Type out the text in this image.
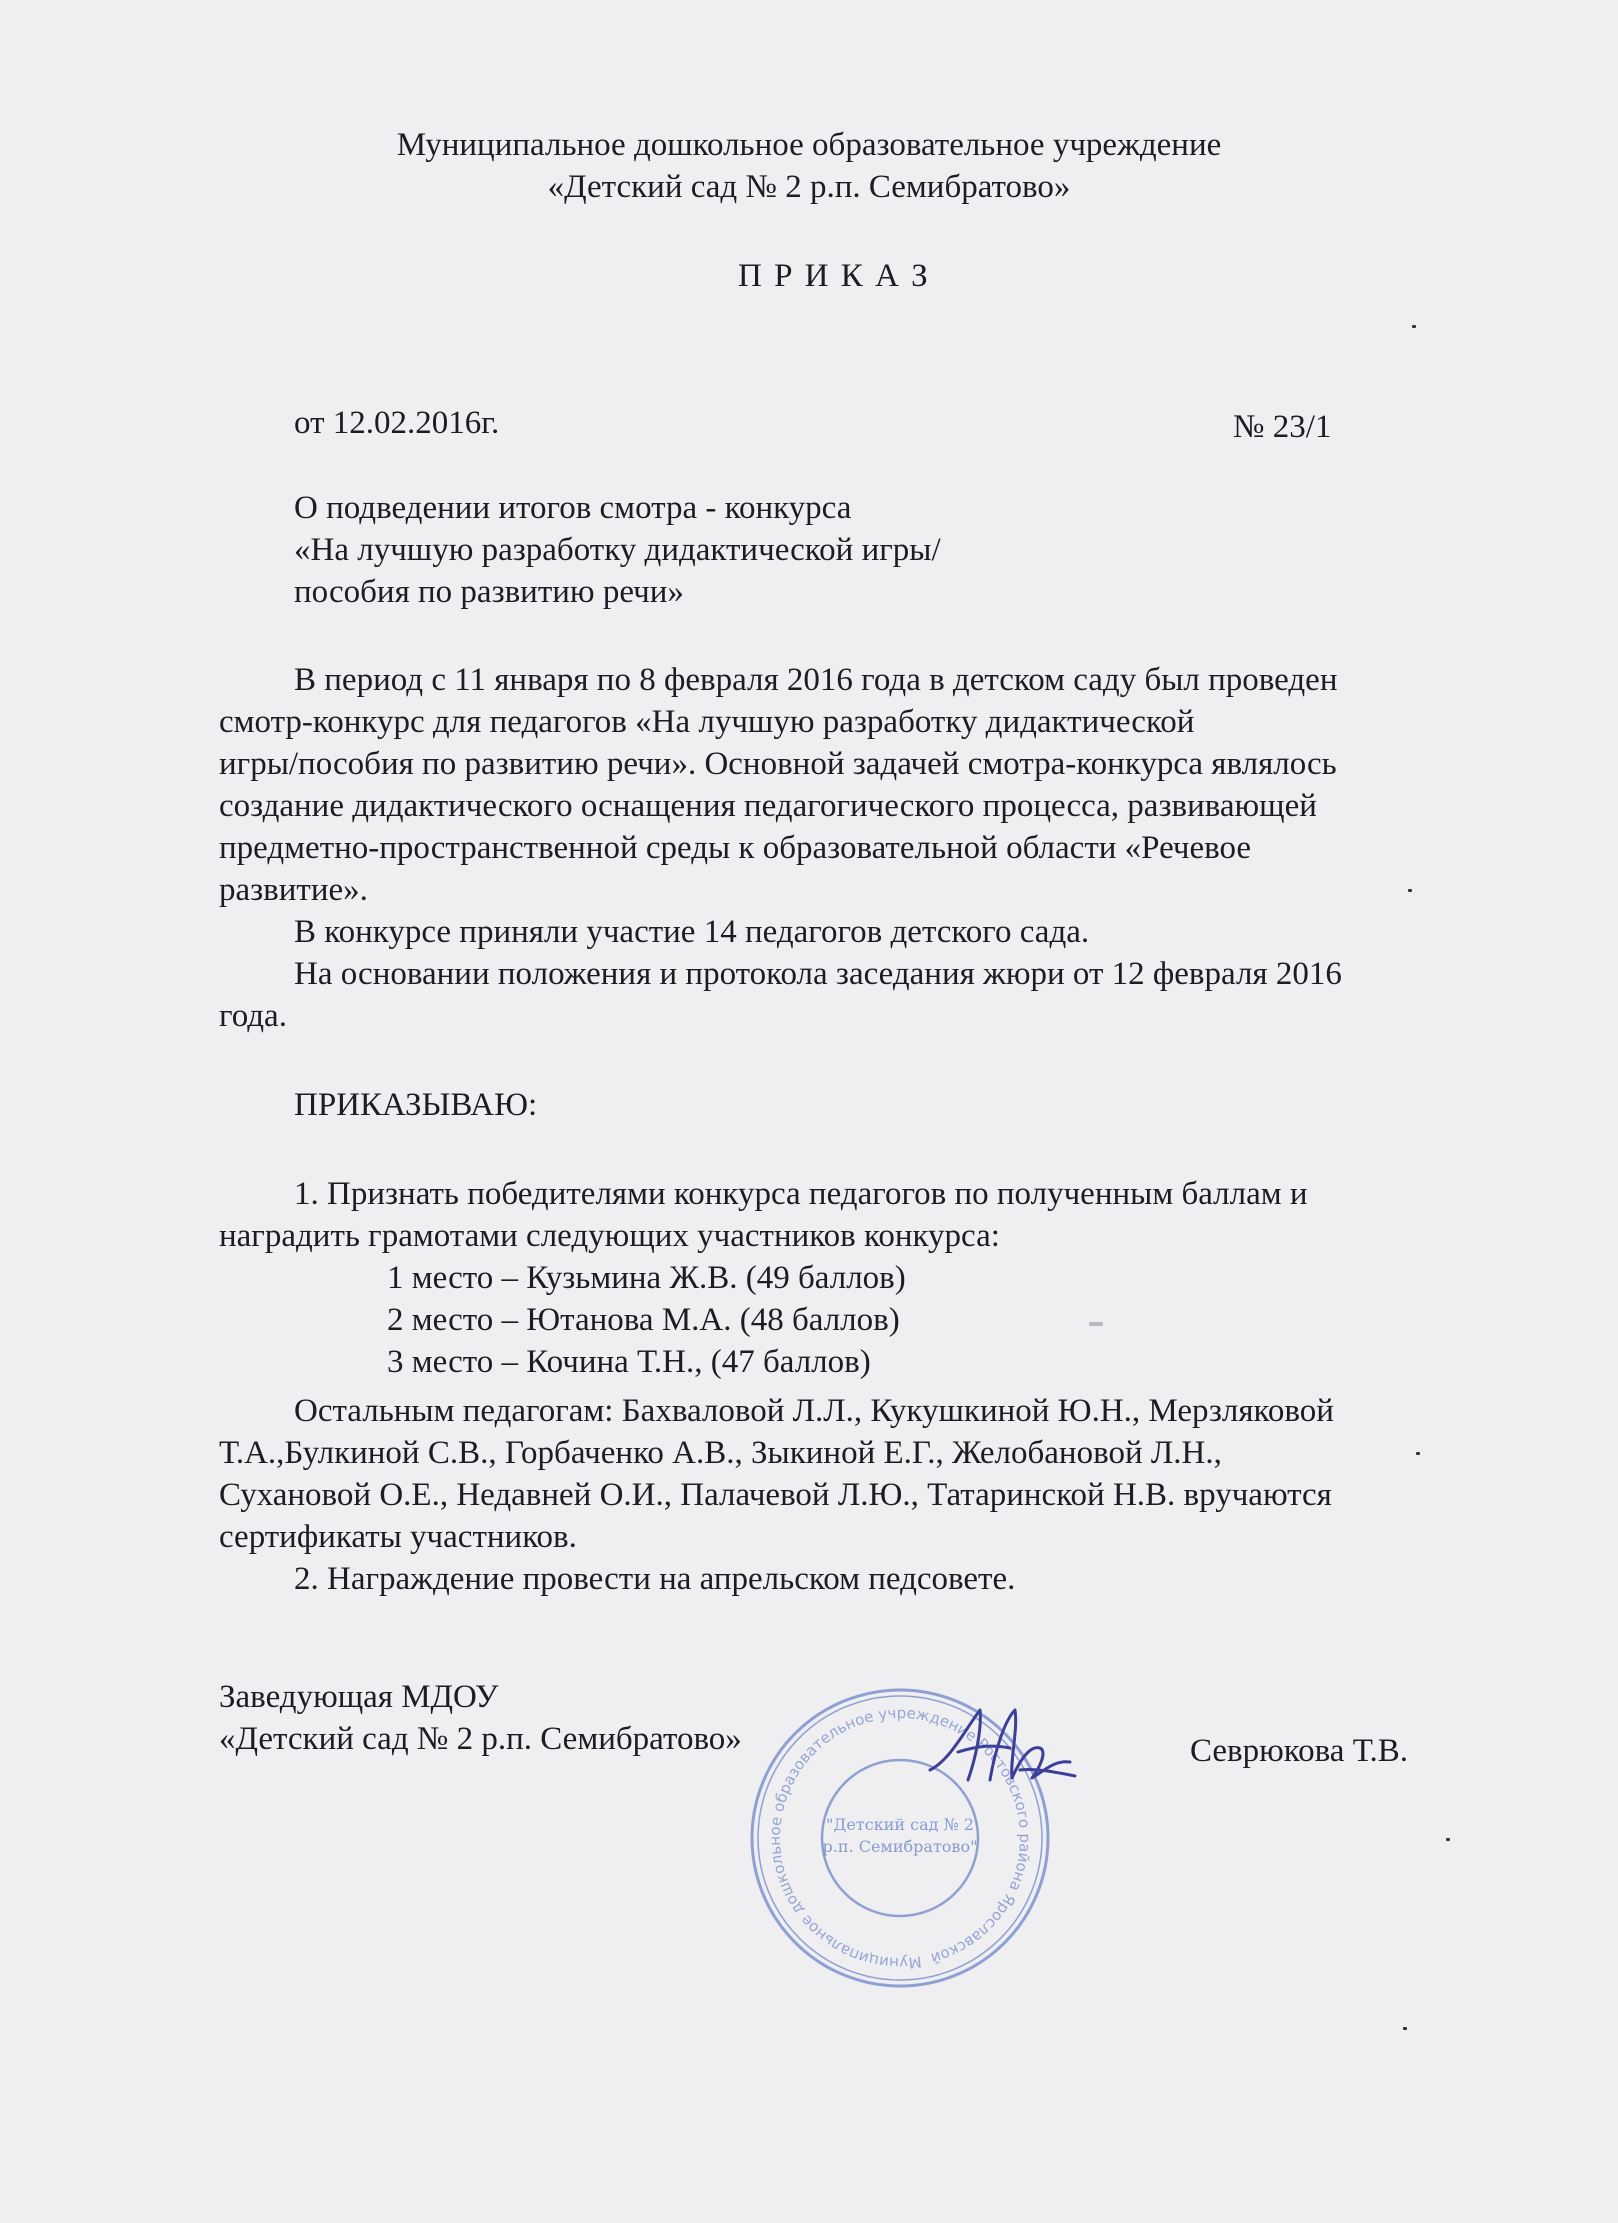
Муниципальное дошкольное образовательное учреждение
«Детский сад № 2 р.п. Семибратово»
П Р И К А З
от 12.02.2016г.	№ 23/1
О подведении итогов смотра - конкурса
«На лучшую разработку дидактической игры/
пособия по развитию речи»
В период с 11 января по 8 февраля 2016 года в детском саду был проведен
смотр-конкурс для педагогов «На лучшую разработку дидактической
игры/пособия по развитию речи». Основной задачей смотра-конкурса являлось
создание дидактического оснащения педагогического процесса, развивающей
предметно-пространственной среды к образовательной области «Речевое
развитие».
В конкурсе приняли участие 14 педагогов детского сада.
На основании положения и протокола заседания жюри от 12 февраля 2016
года.
ПРИКАЗЫВАЮ:
1. Признать победителями конкурса педагогов по полученным баллам и
наградить грамотами следующих участников конкурса:
1 место – Кузьмина Ж.В. (49 баллов)
2 место – Ютанова М.А. (48 баллов)
3 место – Кочина Т.Н., (47 баллов)
Остальным педагогам: Бахваловой Л.Л., Кукушкиной Ю.Н., Мерзляковой
Т.А.,Булкиной С.В., Горбаченко А.В., Зыкиной Е.Г., Желобановой Л.Н.,
Сухановой О.Е., Недавней О.И., Палачевой Л.Ю., Татаринской Н.В. вручаются
сертификаты участников.
2. Награждение провести на апрельском педсовете.
Заведующая МДОУ
«Детский сад № 2 р.п. Семибратово»	Севрюкова Т.В.
Муниципальное дошкольное образовательное учреждение Ростовского района Ярославской
"Детский сад № 2
р.п. Семибратово"
